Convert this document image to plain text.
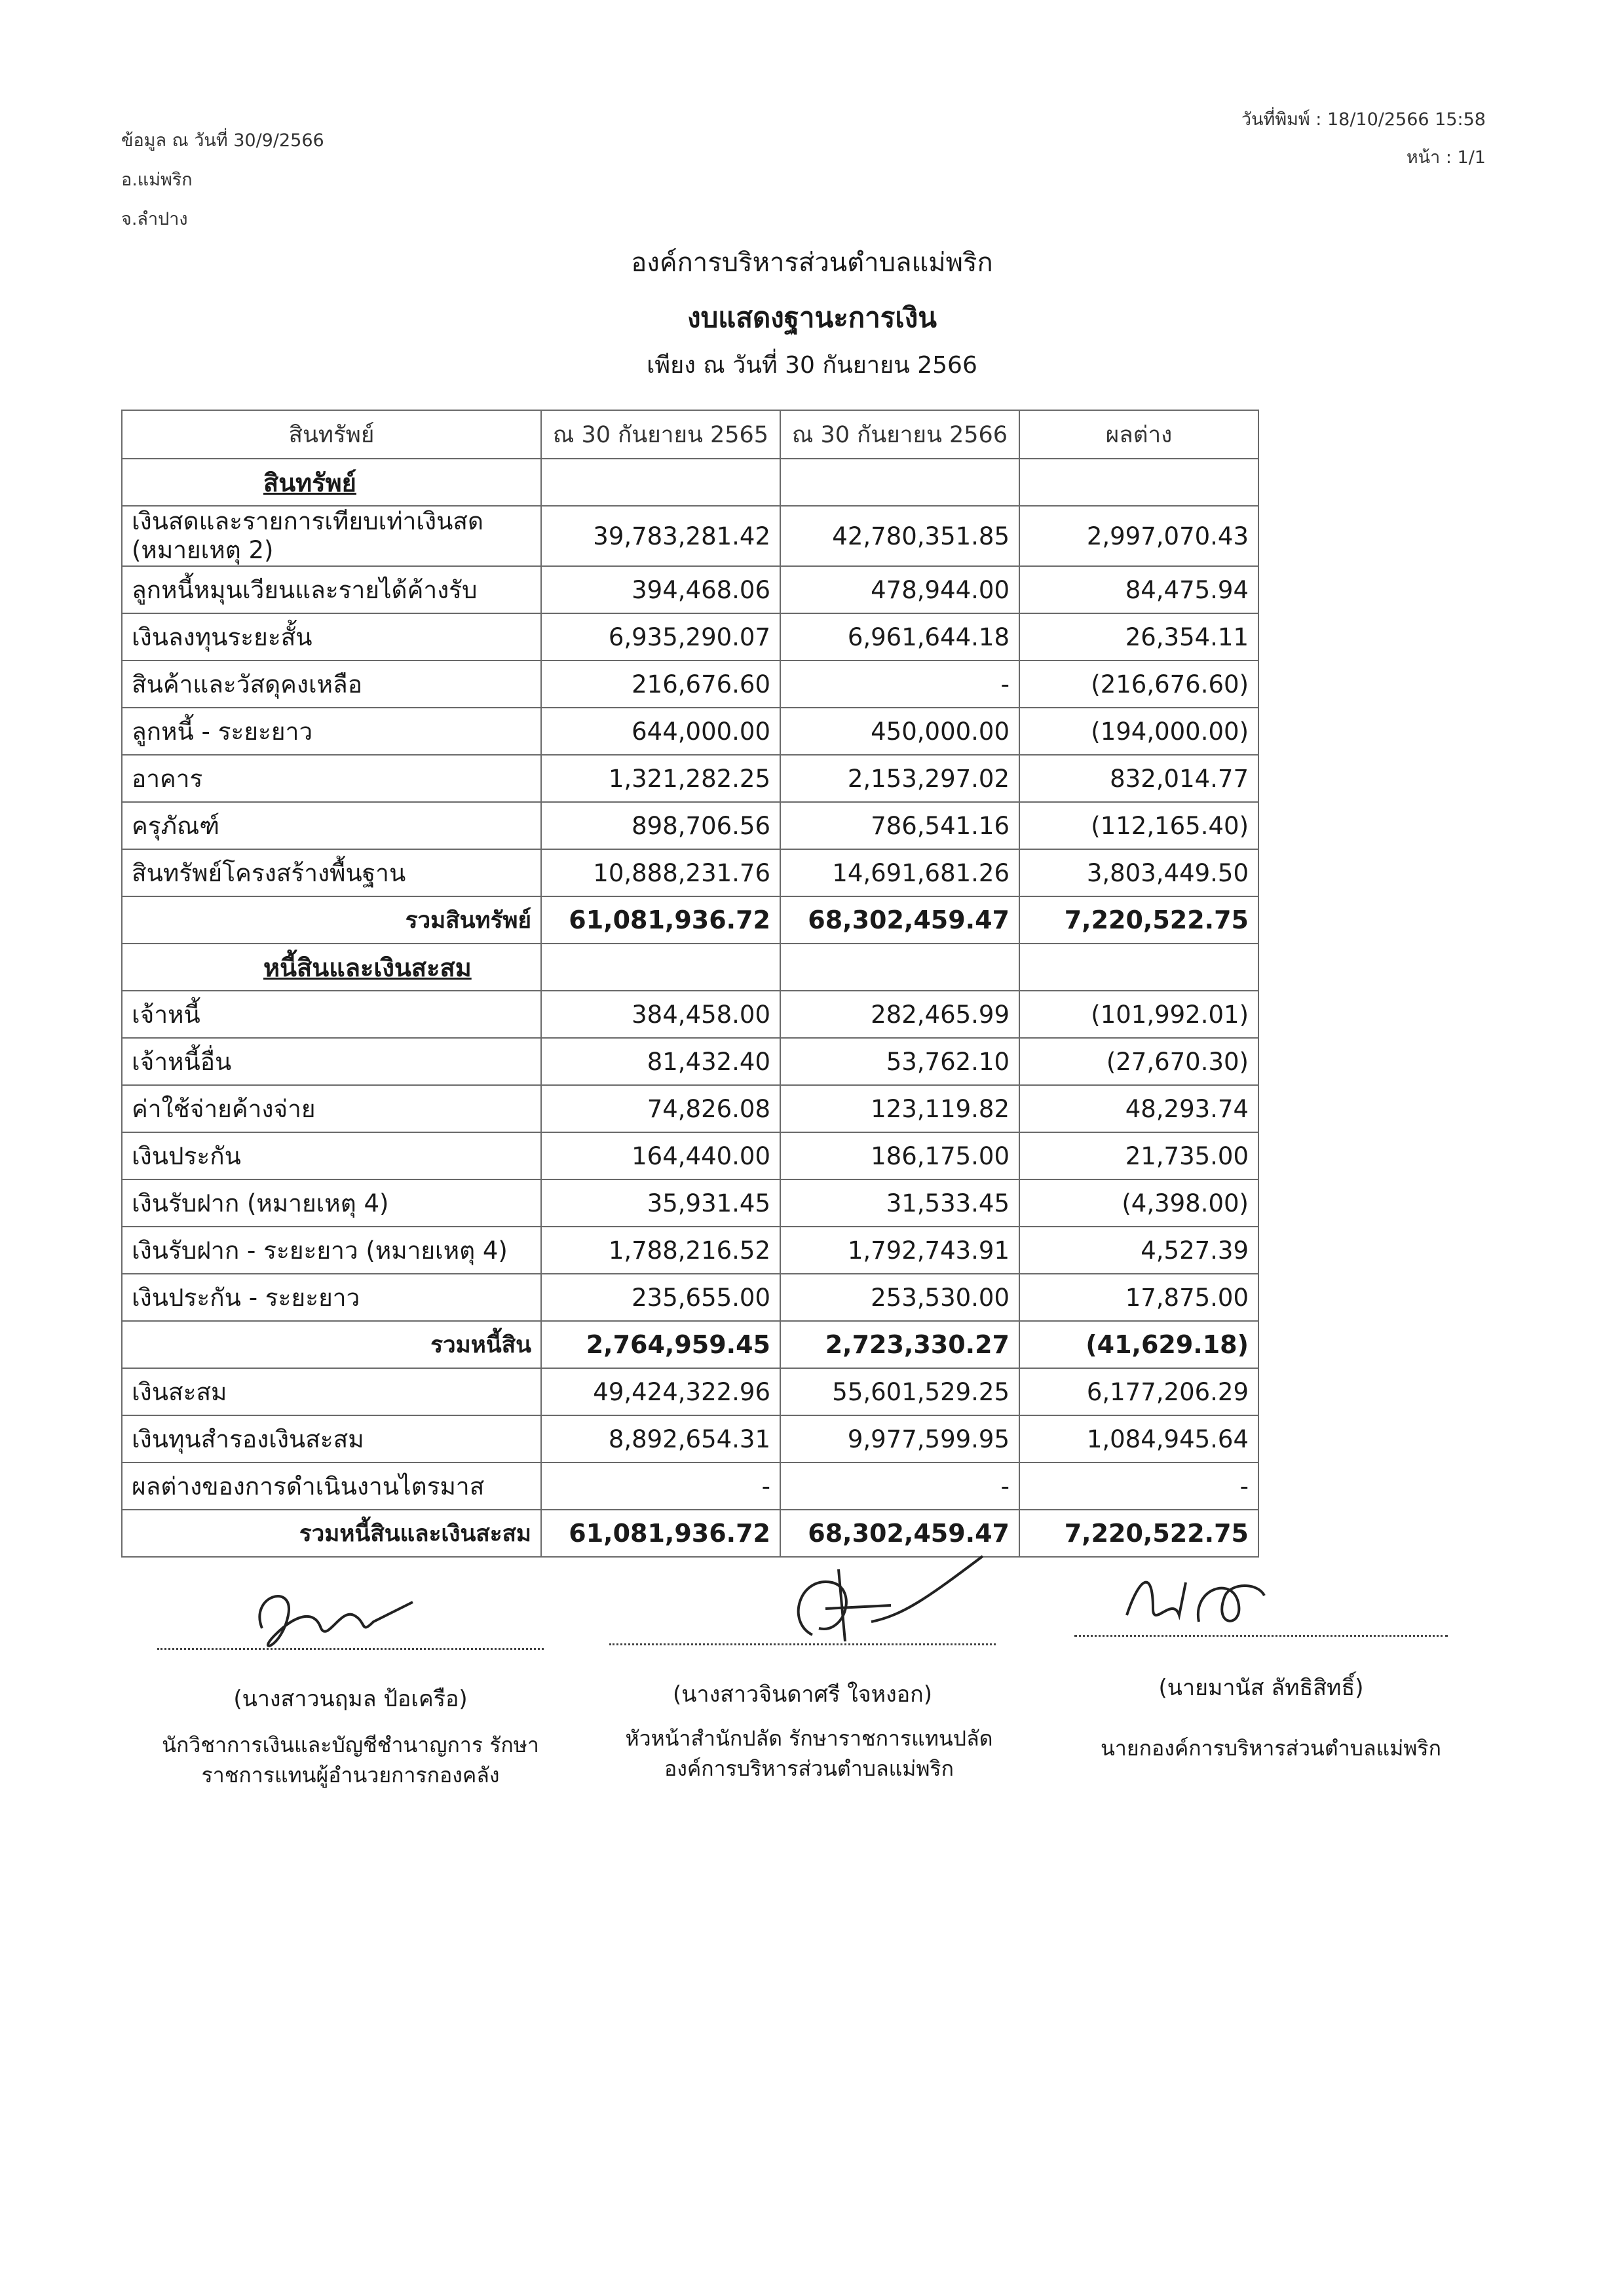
ข้อมูล ณ วันที่ 30/9/2566
อ.แม่พริก
จ.ลำปาง
วันที่พิมพ์ : 18/10/2566 15:58
หน้า : 1/1
องค์การบริหารส่วนตำบลแม่พริก
งบแสดงฐานะการเงิน
เพียง ณ วันที่ 30 กันยายน 2566
สินทรัพย์	ณ 30 กันยายน 2565	ณ 30 กันยายน 2566	ผลต่าง
สินทรัพย์			
เงินสดและรายการเทียบเท่าเงินสด (หมายเหตุ 2)	39,783,281.42	42,780,351.85	2,997,070.43
ลูกหนี้หมุนเวียนและรายได้ค้างรับ	394,468.06	478,944.00	84,475.94
เงินลงทุนระยะสั้น	6,935,290.07	6,961,644.18	26,354.11
สินค้าและวัสดุคงเหลือ	216,676.60	-	(216,676.60)
ลูกหนี้ - ระยะยาว	644,000.00	450,000.00	(194,000.00)
อาคาร	1,321,282.25	2,153,297.02	832,014.77
ครุภัณฑ์	898,706.56	786,541.16	(112,165.40)
สินทรัพย์โครงสร้างพื้นฐาน	10,888,231.76	14,691,681.26	3,803,449.50
รวมสินทรัพย์	61,081,936.72	68,302,459.47	7,220,522.75
หนี้สินและเงินสะสม			
เจ้าหนี้	384,458.00	282,465.99	(101,992.01)
เจ้าหนี้อื่น	81,432.40	53,762.10	(27,670.30)
ค่าใช้จ่ายค้างจ่าย	74,826.08	123,119.82	48,293.74
เงินประกัน	164,440.00	186,175.00	21,735.00
เงินรับฝาก (หมายเหตุ 4)	35,931.45	31,533.45	(4,398.00)
เงินรับฝาก - ระยะยาว (หมายเหตุ 4)	1,788,216.52	1,792,743.91	4,527.39
เงินประกัน - ระยะยาว	235,655.00	253,530.00	17,875.00
รวมหนี้สิน	2,764,959.45	2,723,330.27	(41,629.18)
เงินสะสม	49,424,322.96	55,601,529.25	6,177,206.29
เงินทุนสำรองเงินสะสม	8,892,654.31	9,977,599.95	1,084,945.64
ผลต่างของการดำเนินงานไตรมาส	-	-	-
รวมหนี้สินและเงินสะสม	61,081,936.72	68,302,459.47	7,220,522.75
(นางสาวนฤมล ป้อเครือ)	(นางสาวจินดาศรี ใจหงอก)	(นายมานัส ลัทธิสิทธิ์)
นักวิชาการเงินและบัญชีชำนาญการ รักษา
ราชการแทนผู้อำนวยการกองคลัง
หัวหน้าสำนักปลัด รักษาราชการแทนปลัด
องค์การบริหารส่วนตำบลแม่พริก
นายกองค์การบริหารส่วนตำบลแม่พริก
